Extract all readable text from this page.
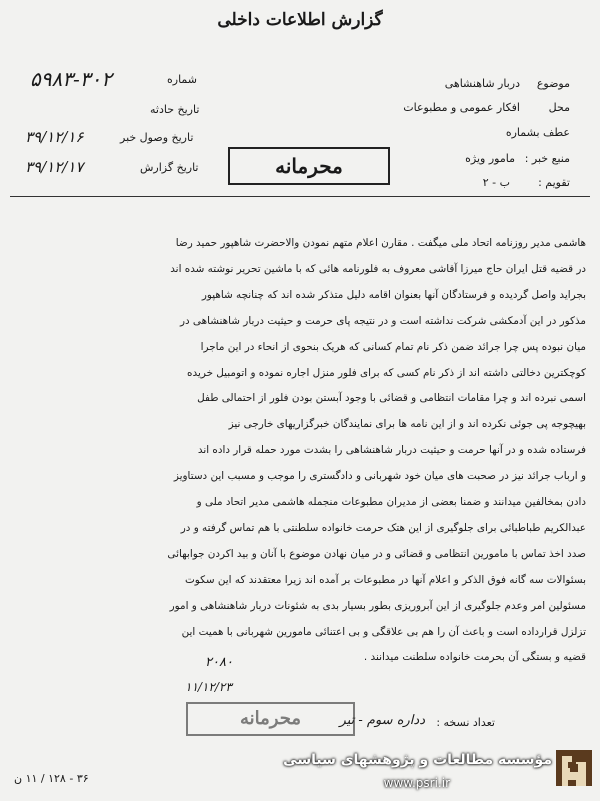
گزارش اطلاعات داخلی
شماره
۵۹۸۳-۳۰۲
تاریخ حادثه
تاریخ وصول خبر
۳۹/۱۲/۱۶
تاریخ گزارش
۳۹/۱۲/۱۷
موضوع
دربار شاهنشاهی
محل
افکار عمومی و مطبوعات
عطف بشماره
منبع خبر :
مامور ویژه
تقویم :
ب - ۲
محرمانه
هاشمی مدیر روزنامه اتحاد ملی میگفت . مقارن اعلام متهم نمودن والاحضرت شاهپور حمید رضا
در قضیه قتل ایران حاج میرزا آقاشی معروف به فلورنامه هائی که با ماشین تحریر نوشته شده اند
بجراید واصل گردیده و فرستادگان آنها بعنوان اقامه دلیل متذکر شده اند که چنانچه شاهپور
مذکور در این آدمکشی شرکت نداشته است و در نتیجه پای حرمت و حیثیت دربار شاهنشاهی در
میان نبوده پس چرا جرائد ضمن ذکر نام تمام کسانی که هریک بنحوی از انحاء در این ماجرا
کوچکترین دخالتی داشته اند از ذکر نام کسی که برای فلور منزل اجاره نموده و اتومبیل خریده
اسمی نبرده اند و چرا مقامات انتظامی و قضائی با وجود آبستن بودن فلور از احتمالی طفل
بهیچوجه پی جوئی نکرده اند و از این نامه ها برای نمایندگان خبرگزاریهای خارجی نیز
فرستاده شده و در آنها حرمت و حیثیت دربار شاهنشاهی را بشدت مورد حمله قرار داده اند
و ارباب جرائد نیز در صحبت های میان خود شهربانی و دادگستری را موجب و مسبب این دستاویز
دادن بمخالفین میدانند و ضمنا بعضی از مدیران مطبوعات منجمله هاشمی مدیر اتحاد ملی و
عبدالکریم طباطبائی برای جلوگیری از این هتک حرمت خانواده سلطنتی با هم تماس گرفته و در
صدد اخذ تماس با مامورین انتظامی و قضائی و در میان نهادن موضوع با آنان و بید اکردن جوابهائی
بسئوالات سه گانه فوق الذکر و اعلام آنها در مطبوعات بر آمده اند زیرا معتقدند که این سکوت
مسئولین امر وعدم جلوگیری از این آبروریزی بطور بسیار بدی به شئونات دربار شاهنشاهی و امور
تزلزل قرارداده است و باعث آن را هم بی علاقگی و بی اعتنائی مامورین شهربانی با همیت این
قضیه و بستگی آن بحرمت خانواده سلطنت میدانند .
۲۰۸۰
۱۱/۱۲/۲۳
محرمانه	تعداد نسخه :
دداره سوم - تیر
۳۶ - ۱۲۸ / ۱۱ ن
مؤسسه مطالعات و پژوهشهای سیاسی
www.psri.ir
